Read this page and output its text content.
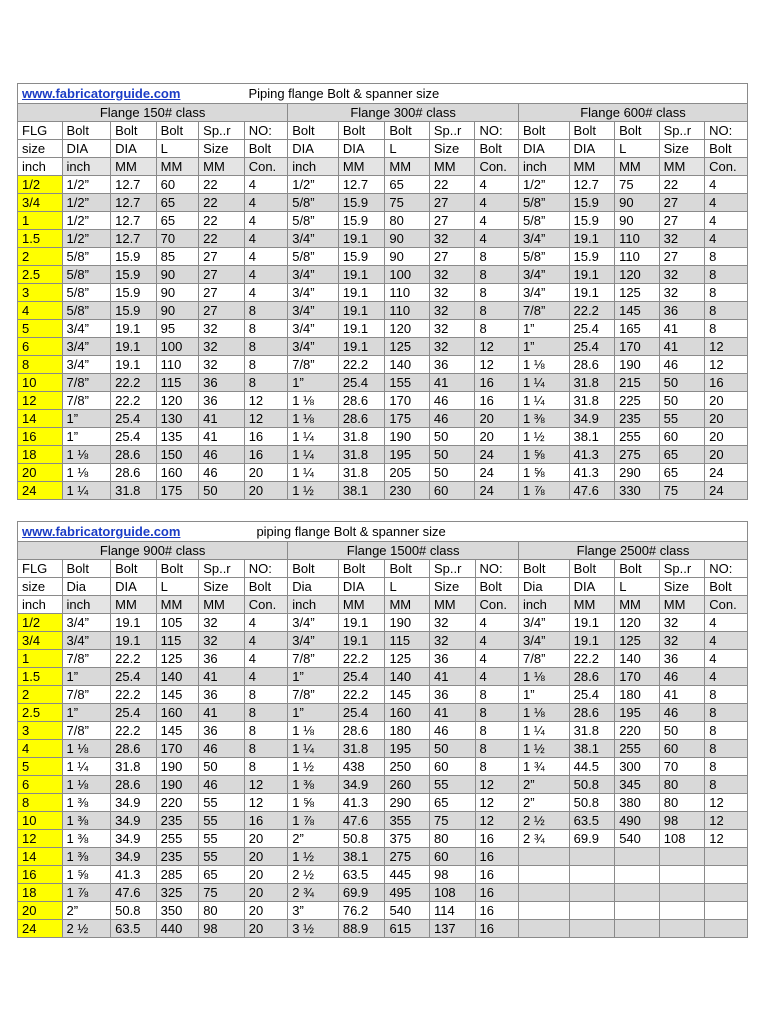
www.fabricatorguide.com Piping flange Bolt & spanner size															
Flange 150# class						Flange 300# class					Flange 600# class				
FLG	Bolt	Bolt	Bolt	Sp..r	NO:	Bolt	Bolt	Bolt	Sp..r	NO:	Bolt	Bolt	Bolt	Sp..r	NO:
size	DIA	DIA	L	Size	Bolt	DIA	DIA	L	Size	Bolt	DIA	DIA	L	Size	Bolt
inch	inch	MM	MM	MM	Con.	inch	MM	MM	MM	Con.	inch	MM	MM	MM	Con.
1/2	1/2”	12.7	60	22	4	1/2”	12.7	65	22	4	1/2”	12.7	75	22	4
3/4	1/2”	12.7	65	22	4	5/8”	15.9	75	27	4	5/8”	15.9	90	27	4
1	1/2”	12.7	65	22	4	5/8”	15.9	80	27	4	5/8”	15.9	90	27	4
1.5	1/2”	12.7	70	22	4	3/4”	19.1	90	32	4	3/4”	19.1	110	32	4
2	5/8”	15.9	85	27	4	5/8”	15.9	90	27	8	5/8”	15.9	110	27	8
2.5	5/8”	15.9	90	27	4	3/4”	19.1	100	32	8	3/4”	19.1	120	32	8
3	5/8”	15.9	90	27	4	3/4”	19.1	110	32	8	3/4”	19.1	125	32	8
4	5/8”	15.9	90	27	8	3/4”	19.1	110	32	8	7/8”	22.2	145	36	8
5	3/4”	19.1	95	32	8	3/4”	19.1	120	32	8	1”	25.4	165	41	8
6	3/4”	19.1	100	32	8	3/4”	19.1	125	32	12	1”	25.4	170	41	12
8	3/4”	19.1	110	32	8	7/8”	22.2	140	36	12	1 ⅛	28.6	190	46	12
10	7/8”	22.2	115	36	8	1”	25.4	155	41	16	1 ¼	31.8	215	50	16
12	7/8”	22.2	120	36	12	1 ⅛	28.6	170	46	16	1 ¼	31.8	225	50	20
14	1”	25.4	130	41	12	1 ⅛	28.6	175	46	20	1 ⅜	34.9	235	55	20
16	1”	25.4	135	41	16	1 ¼	31.8	190	50	20	1 ½	38.1	255	60	20
18	1 ⅛	28.6	150	46	16	1 ¼	31.8	195	50	24	1 ⅝	41.3	275	65	20
20	1 ⅛	28.6	160	46	20	1 ¼	31.8	205	50	24	1 ⅝	41.3	290	65	24
24	1 ¼	31.8	175	50	20	1 ½	38.1	230	60	24	1 ⅞	47.6	330	75	24
www.fabricatorguide.com piping flange Bolt & spanner size															
Flange 900# class						Flange 1500# class					Flange 2500# class				
FLG	Bolt	Bolt	Bolt	Sp..r	NO:	Bolt	Bolt	Bolt	Sp..r	NO:	Bolt	Bolt	Bolt	Sp..r	NO:
size	Dia	DIA	L	Size	Bolt	Dia	DIA	L	Size	Bolt	Dia	DIA	L	Size	Bolt
inch	inch	MM	MM	MM	Con.	inch	MM	MM	MM	Con.	inch	MM	MM	MM	Con.
1/2	3/4”	19.1	105	32	4	3/4”	19.1	190	32	4	3/4”	19.1	120	32	4
3/4	3/4”	19.1	115	32	4	3/4”	19.1	115	32	4	3/4”	19.1	125	32	4
1	7/8”	22.2	125	36	4	7/8”	22.2	125	36	4	7/8”	22.2	140	36	4
1.5	1”	25.4	140	41	4	1”	25.4	140	41	4	1 ⅛	28.6	170	46	4
2	7/8”	22.2	145	36	8	7/8”	22.2	145	36	8	1”	25.4	180	41	8
2.5	1”	25.4	160	41	8	1”	25.4	160	41	8	1 ⅛	28.6	195	46	8
3	7/8”	22.2	145	36	8	1 ⅛	28.6	180	46	8	1 ¼	31.8	220	50	8
4	1 ⅛	28.6	170	46	8	1 ¼	31.8	195	50	8	1 ½	38.1	255	60	8
5	1 ¼	31.8	190	50	8	1 ½	438	250	60	8	1 ¾	44.5	300	70	8
6	1 ⅛	28.6	190	46	12	1 ⅜	34.9	260	55	12	2”	50.8	345	80	8
8	1 ⅜	34.9	220	55	12	1 ⅝	41.3	290	65	12	2”	50.8	380	80	12
10	1 ⅜	34.9	235	55	16	1 ⅞	47.6	355	75	12	2 ½	63.5	490	98	12
12	1 ⅜	34.9	255	55	20	2”	50.8	375	80	16	2 ¾	69.9	540	108	12
14	1 ⅜	34.9	235	55	20	1 ½	38.1	275	60	16					
16	1 ⅝	41.3	285	65	20	2 ½	63.5	445	98	16					
18	1 ⅞	47.6	325	75	20	2 ¾	69.9	495	108	16					
20	2”	50.8	350	80	20	3”	76.2	540	114	16					
24	2 ½	63.5	440	98	20	3 ½	88.9	615	137	16					
